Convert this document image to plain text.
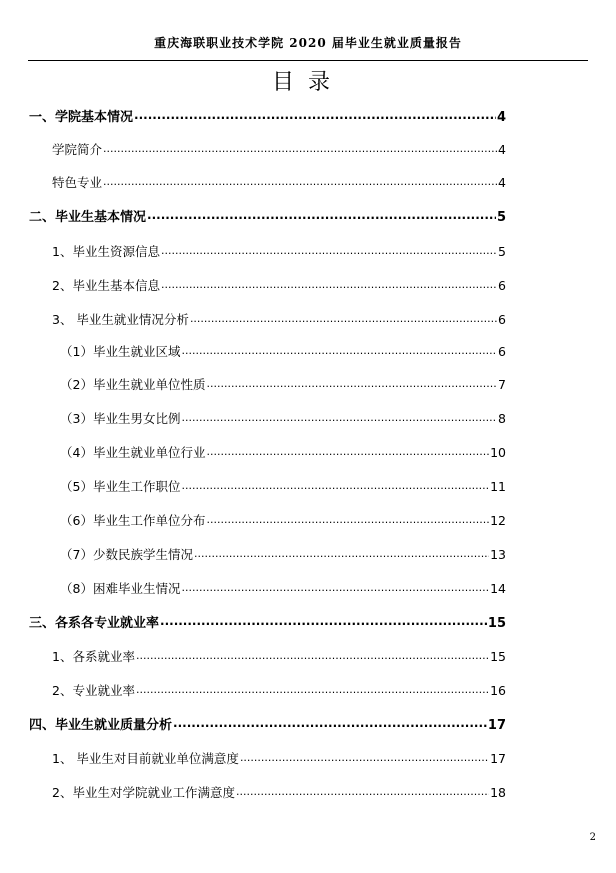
重庆海联职业技术学院 2020 届毕业生就业质量报告
目录
一、学院基本情况 .....	4
学院简介 .....	4
特色专业 .....	4
二、毕业生基本情况 .....	5
1、毕业生资源信息 .....	5
2、毕业生基本信息 .....	6
3、 毕业生就业情况分析 .....	6
（1）毕业生就业区域 .....	6
（2）毕业生就业单位性质 .....	7
（3）毕业生男女比例 .....	8
（4）毕业生就业单位行业 .....	10
（5）毕业生工作职位 .....	11
（6）毕业生工作单位分布 .....	12
（7）少数民族学生情况 .....	13
（8）困难毕业生情况 .....	14
三、各系各专业就业率 .....	15
1、各系就业率 .....	15
2、专业就业率 .....	16
四、毕业生就业质量分析 .....	17
1、 毕业生对目前就业单位满意度 .....	17
2、毕业生对学院就业工作满意度 .....	18
2
